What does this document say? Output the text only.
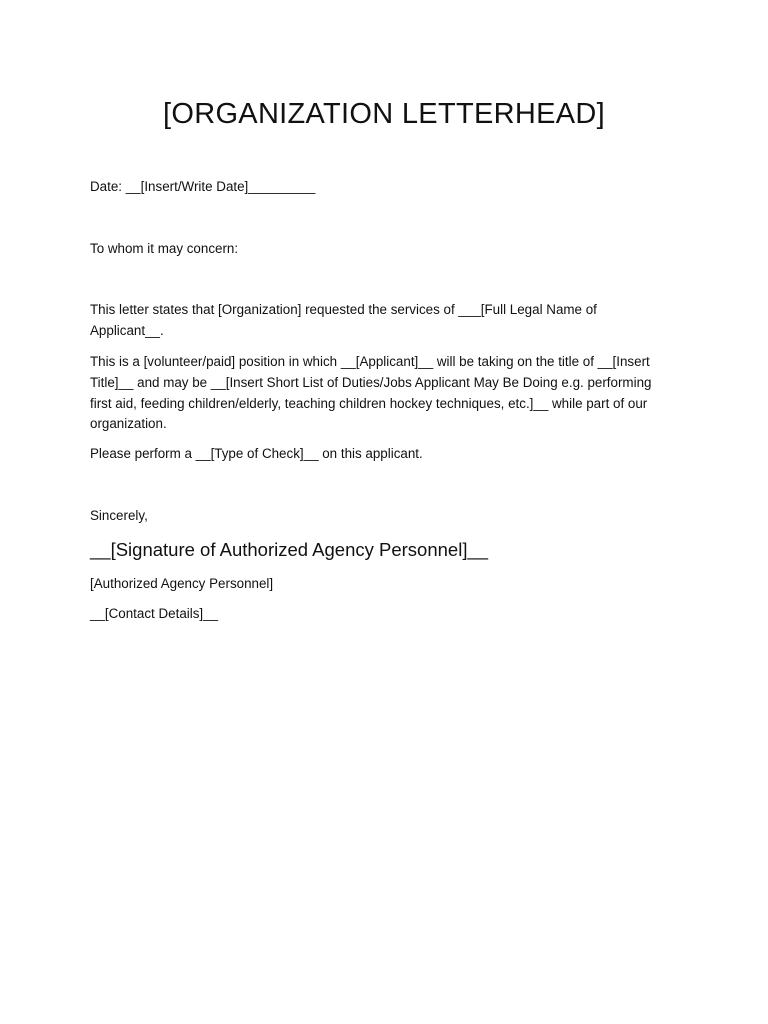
[ORGANIZATION LETTERHEAD]

Date: __[Insert/Write Date]_________

To whom it may concern:

This letter states that [Organization] requested the services of ___[Full Legal Name of Applicant__.

This is a [volunteer/paid] position in which __[Applicant]__ will be taking on the title of __[Insert Title]__ and may be __[Insert Short List of Duties/Jobs Applicant May Be Doing e.g. performing first aid, feeding children/elderly, teaching children hockey techniques, etc.]__ while part of our organization.

Please perform a __[Type of Check]__ on this applicant.

Sincerely,

__[Signature of Authorized Agency Personnel]__

[Authorized Agency Personnel]

__[Contact Details]__
